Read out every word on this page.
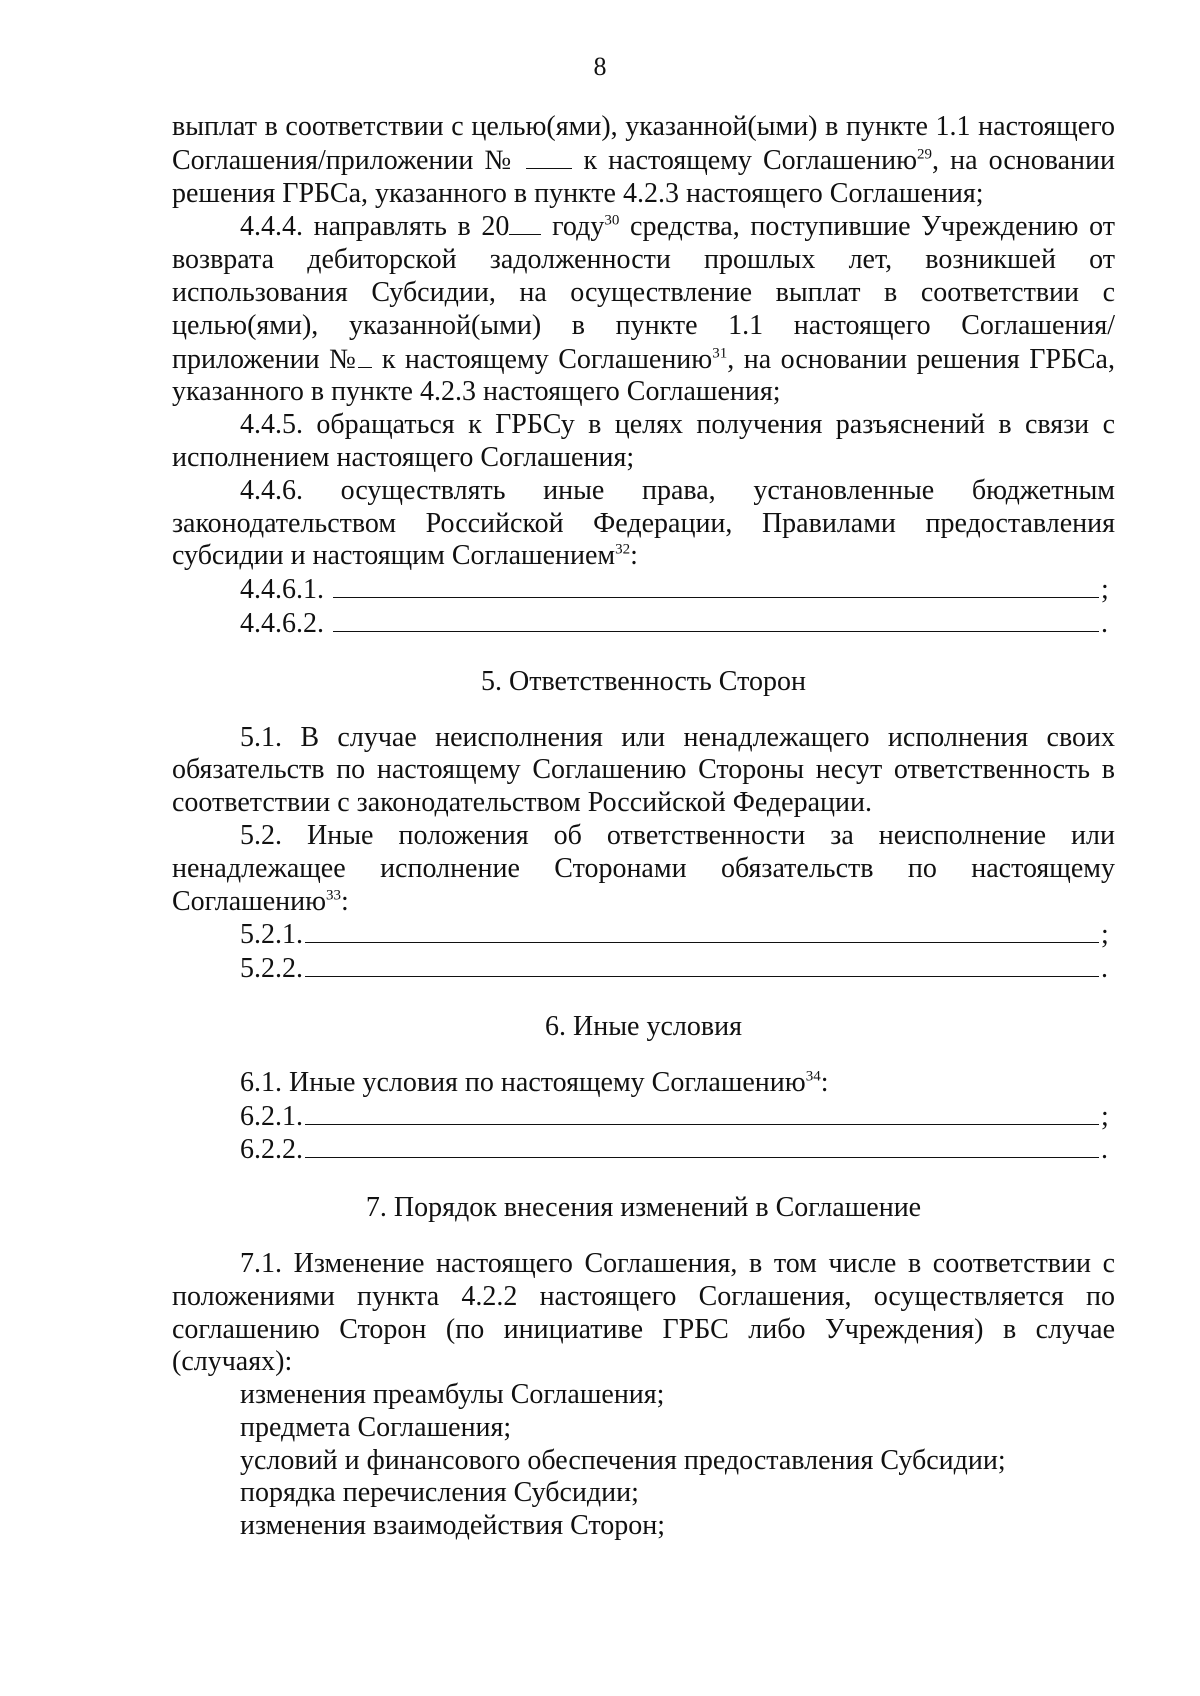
8

выплат в соответствии с целью(ями), указанной(ыми) в пункте 1.1 настоящего Соглашения/приложении №  к настоящему Соглашению$^{29}$, на основании решения ГРБСа, указанного в пункте 4.2.3 настоящего Соглашения;

4.4.4. направлять в 20 году$^{30}$ средства, поступившие Учреждению от возврата дебиторской задолженности прошлых лет, возникшей от использования Субсидии, на осуществление выплат в соответствии с целью(ями), указанной(ыми) в пункте 1.1 настоящего Соглашения/приложении № к настоящему Соглашению$^{31}$, на основании решения ГРБСа, указанного в пункте 4.2.3 настоящего Соглашения;

4.4.5. обращаться к ГРБСу в целях получения разъяснений в связи с исполнением настоящего Соглашения;

4.4.6. осуществлять иные права, установленные бюджетным законодательством Российской Федерации, Правилами предоставления субсидии и настоящим Соглашением$^{32}$:

4.4.6.1.	;
4.4.6.2.	.

5. Ответственность Сторон

5.1. В случае неисполнения или ненадлежащего исполнения своих обязательств по настоящему Соглашению Стороны несут ответственность в соответствии с законодательством Российской Федерации.

5.2. Иные положения об ответственности за неисполнение или ненадлежащее исполнение Сторонами обязательств по настоящему Соглашению$^{33}$:

5.2.1.	;
5.2.2.	.

6. Иные условия

6.1. Иные условия по настоящему Соглашению$^{34}$:

6.2.1.	;
6.2.2.	.

7. Порядок внесения изменений в Соглашение

7.1. Изменение настоящего Соглашения, в том числе в соответствии с положениями пункта 4.2.2 настоящего Соглашения, осуществляется по соглашению Сторон (по инициативе ГРБС либо Учреждения) в случае (случаях):

изменения преамбулы Соглашения;

предмета Соглашения;

условий и финансового обеспечения предоставления Субсидии;

порядка перечисления Субсидии;

изменения взаимодействия Сторон;
